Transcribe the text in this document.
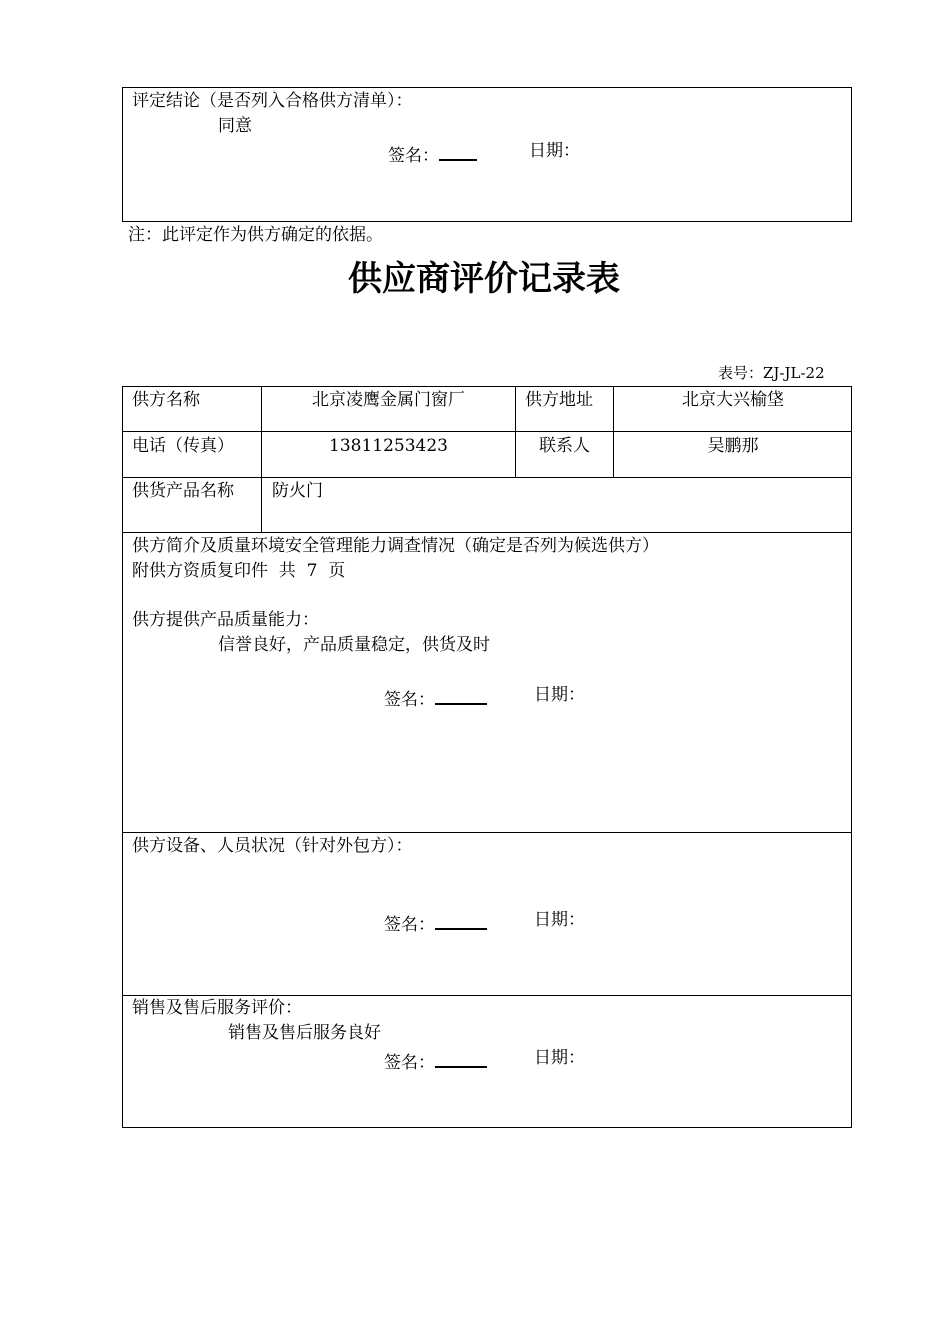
评定结论（是否列入合格供方清单）：
同意
签名：	日期：
注：此评定作为供方确定的依据。
供应商评价记录表
表号：ZJ-JL-22
供方名称	北京凌鹰金属门窗厂	供方地址	北京大兴榆垡
电话（传真）	13811253423	联系人	吴鹏那
供货产品名称 防火门
供方简介及质量环境安全管理能力调查情况（确定是否列为候选供方）
附供方资质复印件  共  7  页
供方提供产品质量能力：
信誉良好，产品质量稳定，供货及时
签名：	日期：
供方设备、人员状况（针对外包方）：
签名：	日期：
销售及售后服务评价：
销售及售后服务良好
签名：	日期：
